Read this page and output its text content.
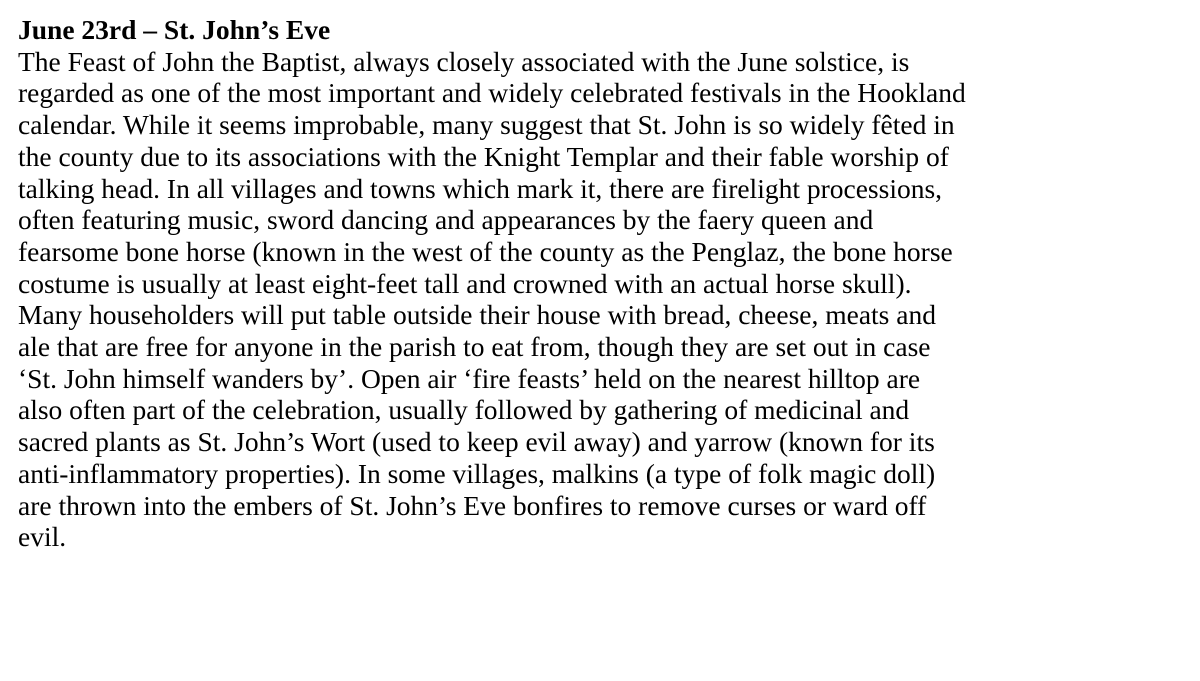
June 23rd – St. John’s Eve

The Feast of John the Baptist, always closely associated with the June solstice, is
regarded as one of the most important and widely celebrated festivals in the Hookland
calendar. While it seems improbable, many suggest that St. John is so widely fêted in
the county due to its associations with the Knight Templar and their fable worship of
talking head. In all villages and towns which mark it, there are firelight processions,
often featuring music, sword dancing and appearances by the faery queen and
fearsome bone horse (known in the west of the county as the Penglaz, the bone horse
costume is usually at least eight-feet tall and crowned with an actual horse skull).
Many householders will put table outside their house with bread, cheese, meats and
ale that are free for anyone in the parish to eat from, though they are set out in case
‘St. John himself wanders by’. Open air ‘fire feasts’ held on the nearest hilltop are
also often part of the celebration, usually followed by gathering of medicinal and
sacred plants as St. John’s Wort (used to keep evil away) and yarrow (known for its
anti-inflammatory properties). In some villages, malkins (a type of folk magic doll)
are thrown into the embers of St. John’s Eve bonfires to remove curses or ward off
evil.
